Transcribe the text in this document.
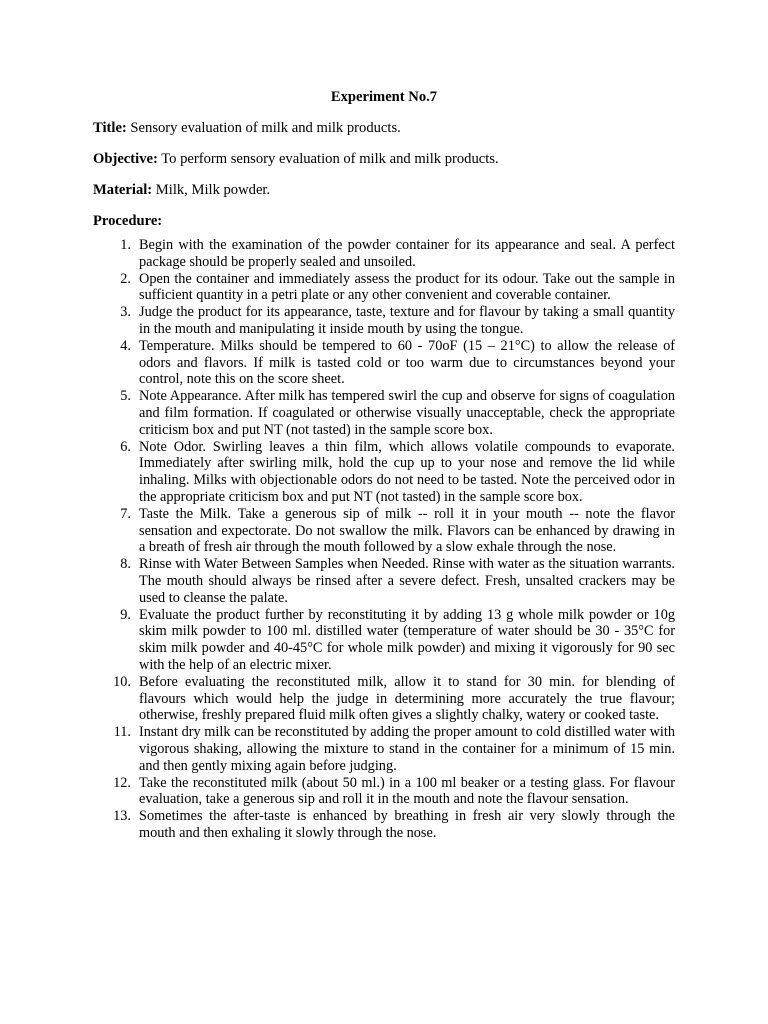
Experiment No.7
Title: Sensory evaluation of milk and milk products.
Objective: To perform sensory evaluation of milk and milk products.
Material: Milk, Milk powder.
Procedure:
1. Begin with the examination of the powder container for its appearance and seal. A perfect package should be properly sealed and unsoiled.
2. Open the container and immediately assess the product for its odour. Take out the sample in sufficient quantity in a petri plate or any other convenient and coverable container.
3. Judge the product for its appearance, taste, texture and for flavour by taking a small quantity in the mouth and manipulating it inside mouth by using the tongue.
4. Temperature. Milks should be tempered to 60 - 70oF (15 – 21°C) to allow the release of odors and flavors. If milk is tasted cold or too warm due to circumstances beyond your control, note this on the score sheet.
5. Note Appearance. After milk has tempered swirl the cup and observe for signs of coagulation and film formation. If coagulated or otherwise visually unacceptable, check the appropriate criticism box and put NT (not tasted) in the sample score box.
6. Note Odor. Swirling leaves a thin film, which allows volatile compounds to evaporate. Immediately after swirling milk, hold the cup up to your nose and remove the lid while inhaling. Milks with objectionable odors do not need to be tasted. Note the perceived odor in the appropriate criticism box and put NT (not tasted) in the sample score box.
7. Taste the Milk. Take a generous sip of milk -- roll it in your mouth -- note the flavor sensation and expectorate. Do not swallow the milk. Flavors can be enhanced by drawing in a breath of fresh air through the mouth followed by a slow exhale through the nose.
8. Rinse with Water Between Samples when Needed. Rinse with water as the situation warrants. The mouth should always be rinsed after a severe defect. Fresh, unsalted crackers may be used to cleanse the palate.
9. Evaluate the product further by reconstituting it by adding 13 g whole milk powder or 10g skim milk powder to 100 ml. distilled water (temperature of water should be 30 - 35°C for skim milk powder and 40-45°C for whole milk powder) and mixing it vigorously for 90 sec with the help of an electric mixer.
10. Before evaluating the reconstituted milk, allow it to stand for 30 min. for blending of flavours which would help the judge in determining more accurately the true flavour; otherwise, freshly prepared fluid milk often gives a slightly chalky, watery or cooked taste.
11. Instant dry milk can be reconstituted by adding the proper amount to cold distilled water with vigorous shaking, allowing the mixture to stand in the container for a minimum of 15 min. and then gently mixing again before judging.
12. Take the reconstituted milk (about 50 ml.) in a 100 ml beaker or a testing glass. For flavour evaluation, take a generous sip and roll it in the mouth and note the flavour sensation.
13. Sometimes the after-taste is enhanced by breathing in fresh air very slowly through the mouth and then exhaling it slowly through the nose.
